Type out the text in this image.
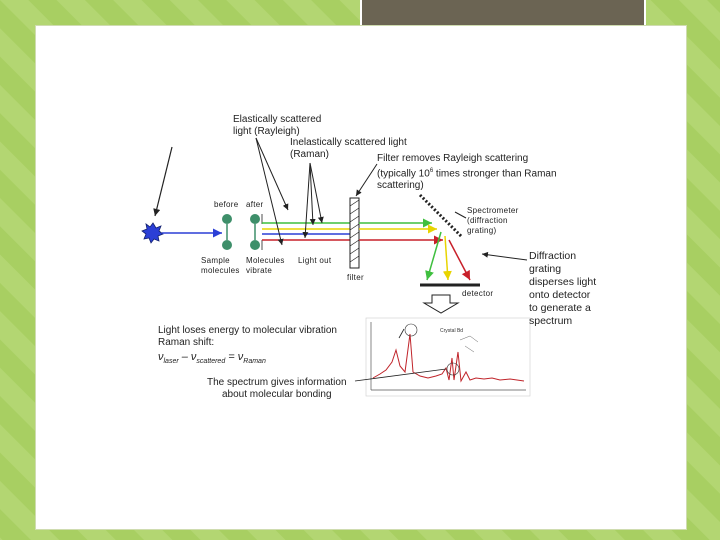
Crystal Bd
Elastically scattered
light (Rayleigh)
Inelastically scattered light
(Raman)	Filter removes Rayleigh scattering
(typically $10^6$ times stronger than Raman
scattering)
before after
Sample
molecules
Molecules
vibrate
Light out
filter
Spectrometer
(diffraction
grating)
detector
Diffraction grating disperses light onto detector to generate a spectrum
Light loses energy to molecular vibration
Raman shift:
$\nu_{laser} - \nu_{scattered} = \nu_{Raman}$
The spectrum gives information
about molecular bonding
